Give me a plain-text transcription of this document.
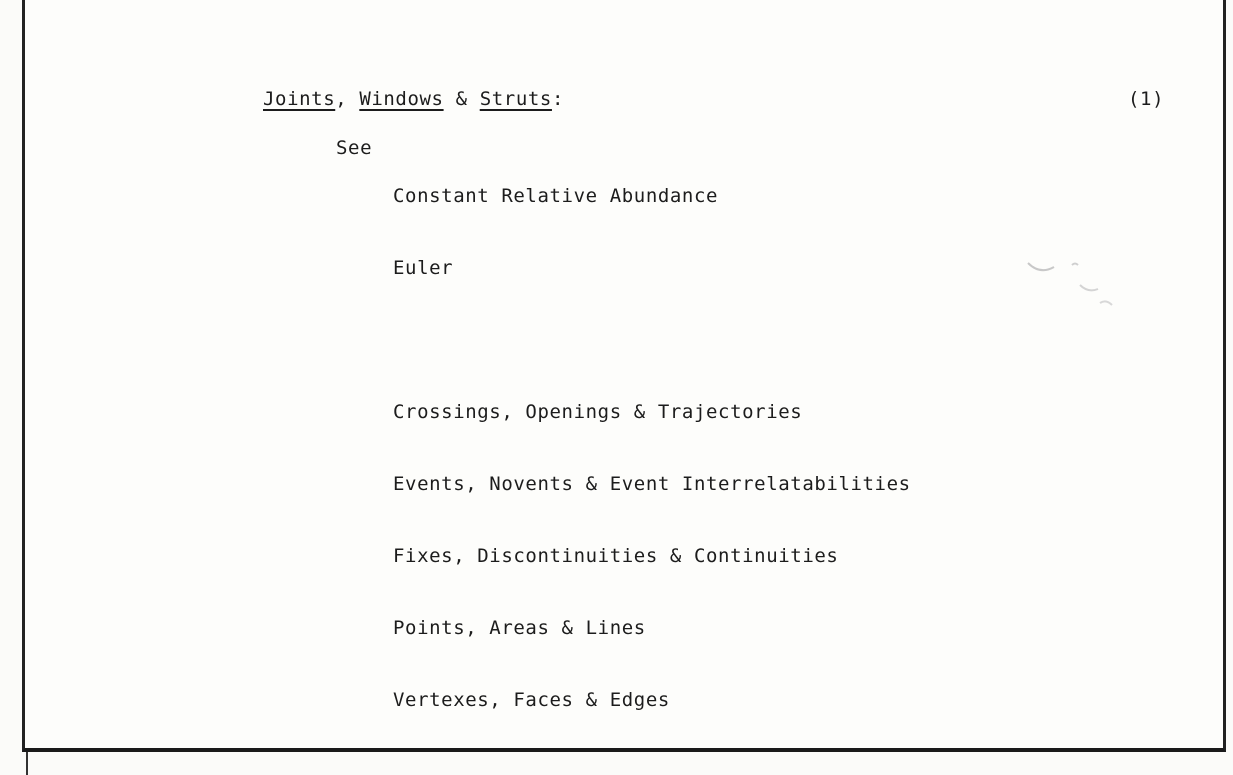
Joints, Windows & Struts:	(1)
See

Constant Relative Abundance

Euler

Crossings, Openings & Trajectories

Events, Novents & Event Interrelatabilities

Fixes, Discontinuities & Continuities

Points, Areas & Lines

Vertexes, Faces & Edges
